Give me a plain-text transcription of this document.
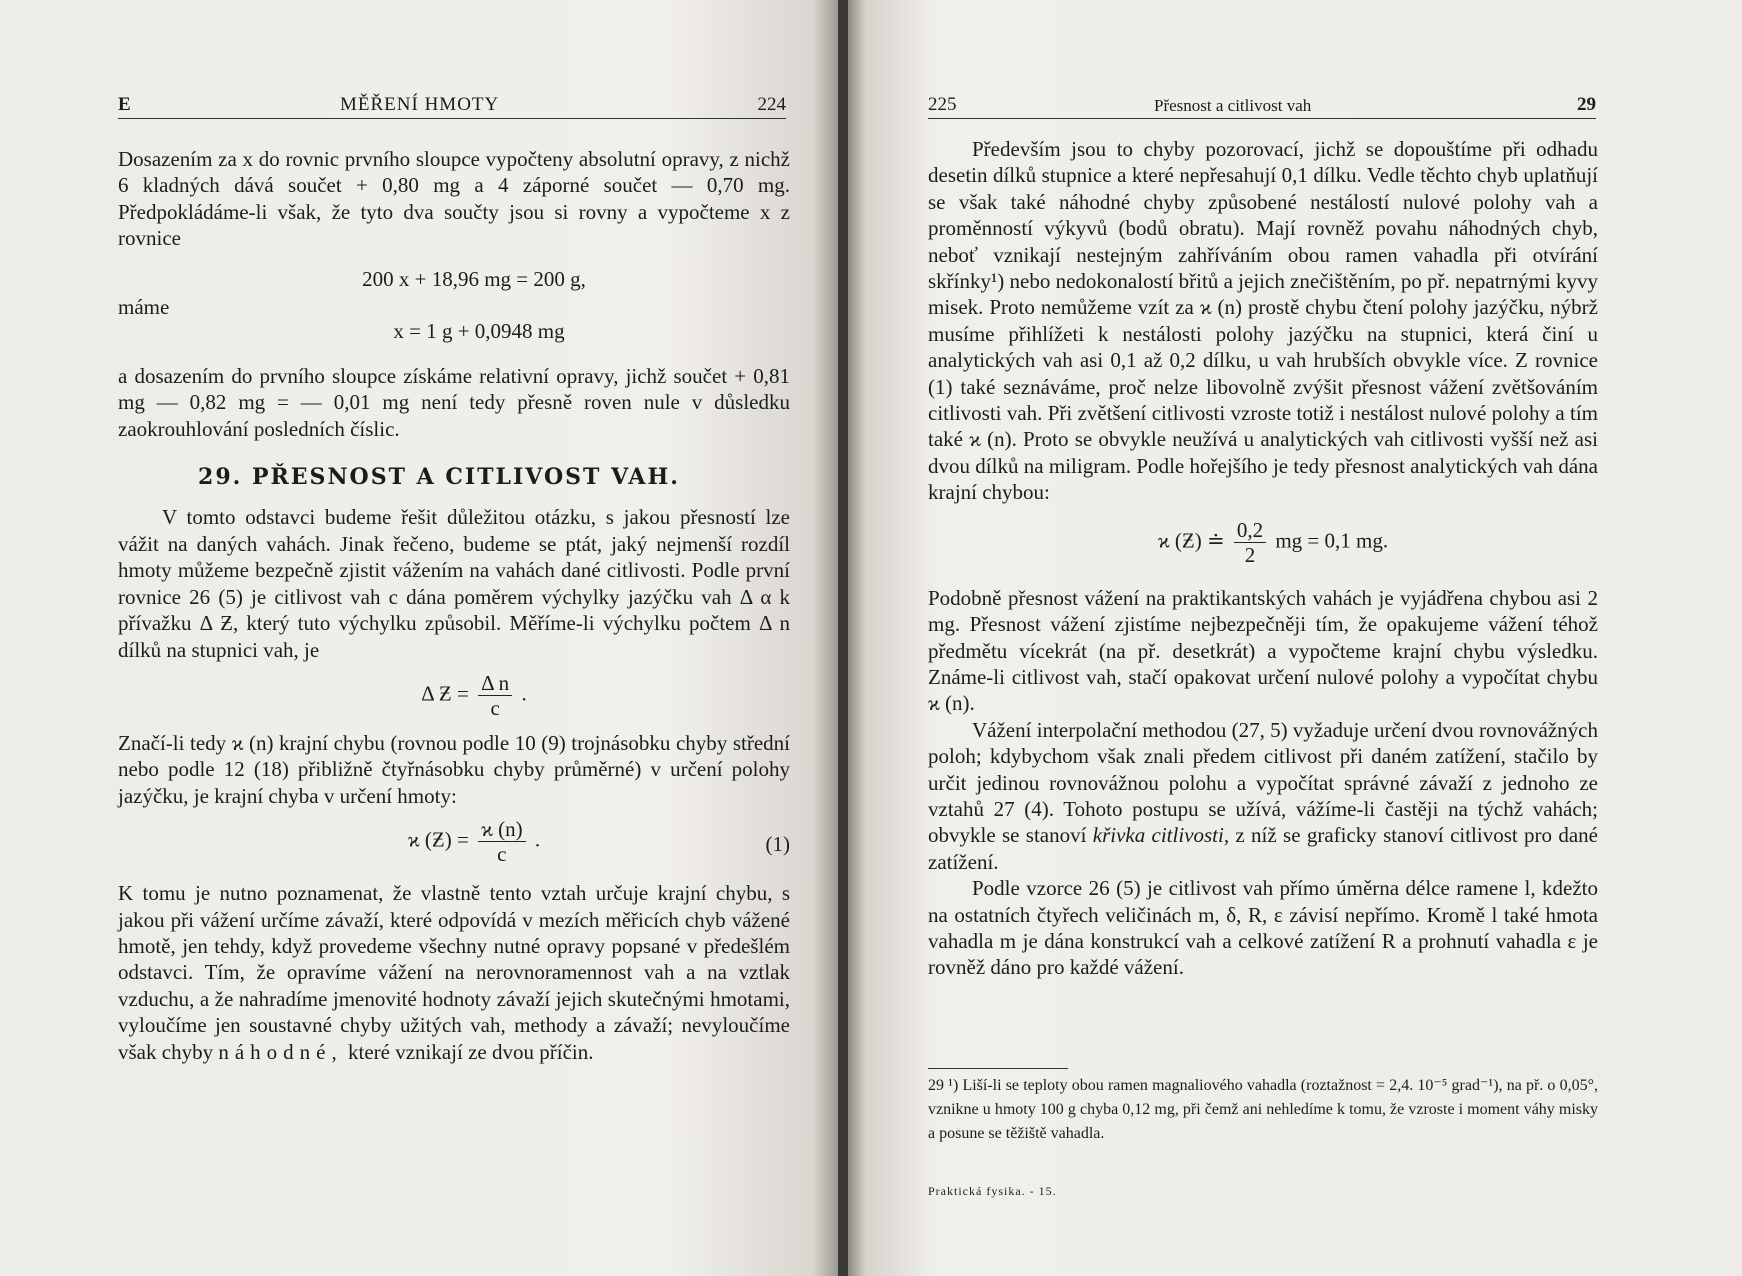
E	MĚŘENÍ HMOTY	224

Dosazením za x do rovnic prvního sloupce vypočteny absolutní opravy, z nichž 6 kladných dává součet + 0,80 mg a 4 záporné součet — 0,70 mg. Předpokládáme-li však, že tyto dva součty jsou si rovny a vypočteme x z rovnice

200 x + 18,96 mg = 200 g,

máme

x = 1 g + 0,0948 mg

a dosazením do prvního sloupce získáme relativní opravy, jichž součet + 0,81 mg — 0,82 mg = — 0,01 mg není tedy přesně roven nule v důsledku zaokrouhlování posledních číslic.

29. PŘESNOST A CITLIVOST VAH.

V tomto odstavci budeme řešit důležitou otázku, s jakou přesností lze vážit na daných vahách. Jinak řečeno, budeme se ptát, jaký nejmenší rozdíl hmoty můžeme bezpečně zjistit vážením na vahách dané citlivosti. Podle první rovnice 26 (5) je citlivost vah c dána poměrem výchylky jazýčku vah Δ α k přívažku Δ Ƶ, který tuto výchylku způsobil. Měříme-li výchylku počtem Δ n dílků na stupnici vah, je

Δ Ƶ = $\frac{\text{Δ n}}{c}$ .

Značí-li tedy ϰ (n) krajní chybu (rovnou podle 10 (9) trojnásobku chyby střední nebo podle 12 (18) přibližně čtyřnásobku chyby průměrné) v určení polohy jazýčku, je krajní chyba v určení hmoty:

ϰ (Ƶ) = $\frac{ϰ (n)}{c}$ .	(1)

K tomu je nutno poznamenat, že vlastně tento vztah určuje krajní chybu, s jakou při vážení určíme závaží, které odpovídá v mezích měřicích chyb vážené hmotě, jen tehdy, když provedeme všechny nutné opravy popsané v předešlém odstavci. Tím, že opravíme vážení na nerovnoramennost vah a na vztlak vzduchu, a že nahradíme jmenovité hodnoty závaží jejich skutečnými hmotami, vyloučíme jen soustavné chyby užitých vah, methody a závaží; nevyloučíme však chyby náhodné, které vznikají ze dvou příčin.

225	Přesnost a citlivost vah	29

Především jsou to chyby pozorovací, jichž se dopouštíme při odhadu desetin dílků stupnice a které nepřesahují 0,1 dílku. Vedle těchto chyb uplatňují se však také náhodné chyby způsobené nestálostí nulové polohy vah a proměnností výkyvů (bodů obratu). Mají rovněž povahu náhodných chyb, neboť vznikají nestejným zahříváním obou ramen vahadla při otvírání skřínky¹) nebo nedokonalostí břitů a jejich znečištěním, po př. nepatrnými kyvy misek. Proto nemůžeme vzít za ϰ (n) prostě chybu čtení polohy jazýčku, nýbrž musíme přihlížeti k nestálosti polohy jazýčku na stupnici, která činí u analytických vah asi 0,1 až 0,2 dílku, u vah hrubších obvykle více. Z rovnice (1) také seznáváme, proč nelze libovolně zvýšit přesnost vážení zvětšováním citlivosti vah. Při zvětšení citlivosti vzroste totiž i nestálost nulové polohy a tím také ϰ (n). Proto se obvykle neužívá u analytických vah citlivosti vyšší než asi dvou dílků na miligram. Podle hořejšího je tedy přesnost analytických vah dána krajní chybou:

ϰ (Ƶ) ≐ $\frac{0,2}{2}$ mg = 0,1 mg.

Podobně přesnost vážení na praktikantských vahách je vyjádřena chybou asi 2 mg. Přesnost vážení zjistíme nejbezpečněji tím, že opakujeme vážení téhož předmětu vícekrát (na př. desetkrát) a vypočteme krajní chybu výsledku. Známe-li citlivost vah, stačí opakovat určení nulové polohy a vypočítat chybu ϰ (n).

Vážení interpolační methodou (27, 5) vyžaduje určení dvou rovnovážných poloh; kdybychom však znali předem citlivost při daném zatížení, stačilo by určit jedinou rovnovážnou polohu a vypočítat správné závaží z jednoho ze vztahů 27 (4). Tohoto postupu se užívá, vážíme-li častěji na týchž vahách; obvykle se stanoví křivka citlivosti, z níž se graficky stanoví citlivost pro dané zatížení.

Podle vzorce 26 (5) je citlivost vah přímo úměrna délce ramene l, kdežto na ostatních čtyřech veličinách m, δ, R, ε závisí nepřímo. Kromě l také hmota vahadla m je dána konstrukcí vah a celkové zatížení R a prohnutí vahadla ε je rovněž dáno pro každé vážení.

29 ¹) Liší-li se teploty obou ramen magnaliového vahadla (roztažnost = 2,4. 10⁻⁵ grad⁻¹), na př. o 0,05°, vznikne u hmoty 100 g chyba 0,12 mg, při čemž ani nehledíme k tomu, že vzroste i moment váhy misky a posune se těžiště vahadla.
Praktická fysika. - 15.
